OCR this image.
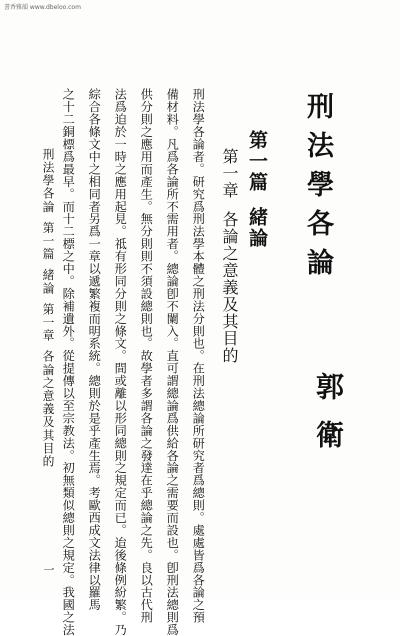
書香雅韻 www.dbeloo.com
刑法學各論
郭衛
第一篇緒論
第一章各論之意義及其目的
刑法學各論者。研究爲刑法學本體之刑法分則也。在刑法總論所研究者爲總則。處處皆爲各論之預
備材料。凡爲各論所不需用者。總論卽不闌入。直可謂總論爲供給各論之需要而設也。卽刑法總則爲
供分則之應用而產生。無分則則不須設總則也。故學者多謂各論之發達在乎總論之先。良以古代刑
法爲迫於一時之應用起見。祗有形同分則之條文。間或離以形同總則之規定而已。迨後條例紛繁。乃
綜合各條文中之相同者另爲一章以遞繁複而明系統。總則於是乎產生焉。考歐西成文法律以羅馬
之十二銅標爲最早。而十二標之中。除補遺外。從提傳以至宗教法。初無類似總則之規定。我國之法
刑法學各論第一篇緒論第一章各論之意義及其目的
一
